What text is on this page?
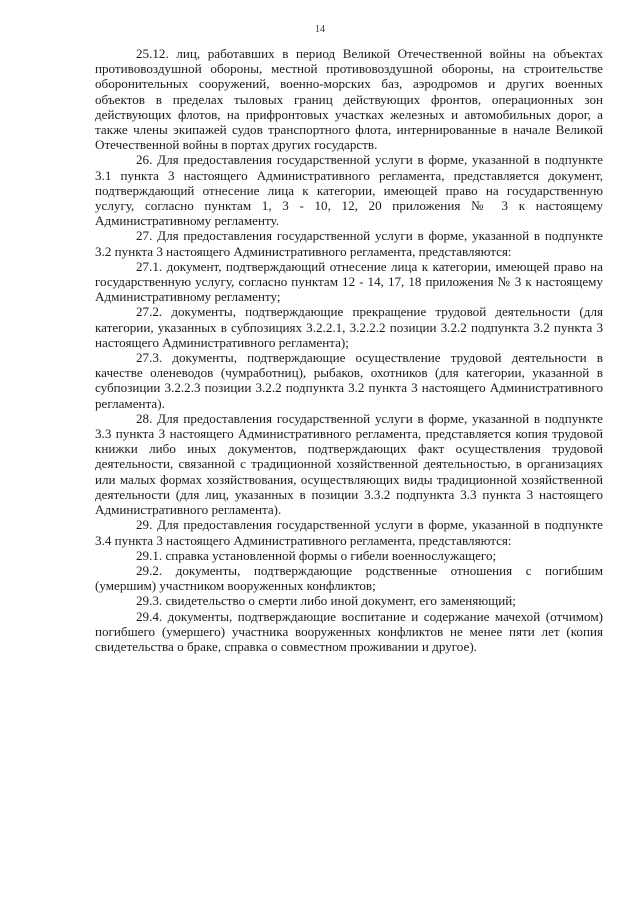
14

25.12. лиц, работавших в период Великой Отечественной войны на объектах противовоздушной обороны, местной противовоздушной обороны, на строительстве оборонительных сооружений, военно-морских баз, аэродромов и других военных объектов в пределах тыловых границ действующих фронтов, операционных зон действующих флотов, на прифронтовых участках железных и автомобильных дорог, а также члены экипажей судов транспортного флота, интернированные в начале Великой Отечественной войны в портах других государств.

26. Для предоставления государственной услуги в форме, указанной в подпункте 3.1 пункта 3 настоящего Административного регламента, представляется документ, подтверждающий отнесение лица к категории, имеющей право на государственную услугу, согласно пунктам 1, 3 - 10, 12, 20 приложения № 3 к настоящему Административному регламенту.

27. Для предоставления государственной услуги в форме, указанной в подпункте 3.2 пункта 3 настоящего Административного регламента, представляются:

27.1. документ, подтверждающий отнесение лица к категории, имеющей право на государственную услугу, согласно пунктам 12 - 14, 17, 18 приложения № 3 к настоящему Административному регламенту;

27.2. документы, подтверждающие прекращение трудовой деятельности (для категории, указанных в субпозициях 3.2.2.1, 3.2.2.2 позиции 3.2.2 подпункта 3.2 пункта 3 настоящего Административного регламента);

27.3. документы, подтверждающие осуществление трудовой деятельности в качестве оленеводов (чумработниц), рыбаков, охотников (для категории, указанной в субпозиции 3.2.2.3 позиции 3.2.2 подпункта 3.2 пункта 3 настоящего Административного регламента).

28. Для предоставления государственной услуги в форме, указанной в подпункте 3.3 пункта 3 настоящего Административного регламента, представляется копия трудовой книжки либо иных документов, подтверждающих факт осуществления трудовой деятельности, связанной с традиционной хозяйственной деятельностью, в организациях или малых формах хозяйствования, осуществляющих виды традиционной хозяйственной деятельности (для лиц, указанных в позиции 3.3.2 подпункта 3.3 пункта 3 настоящего Административного регламента).

29. Для предоставления государственной услуги в форме, указанной в подпункте 3.4 пункта 3 настоящего Административного регламента, представляются:

29.1. справка установленной формы о гибели военнослужащего;

29.2. документы, подтверждающие родственные отношения с погибшим (умершим) участником вооруженных конфликтов;

29.3. свидетельство о смерти либо иной документ, его заменяющий;

29.4. документы, подтверждающие воспитание и содержание мачехой (отчимом) погибшего (умершего) участника вооруженных конфликтов не менее пяти лет (копия свидетельства о браке, справка о совместном проживании и другое).
